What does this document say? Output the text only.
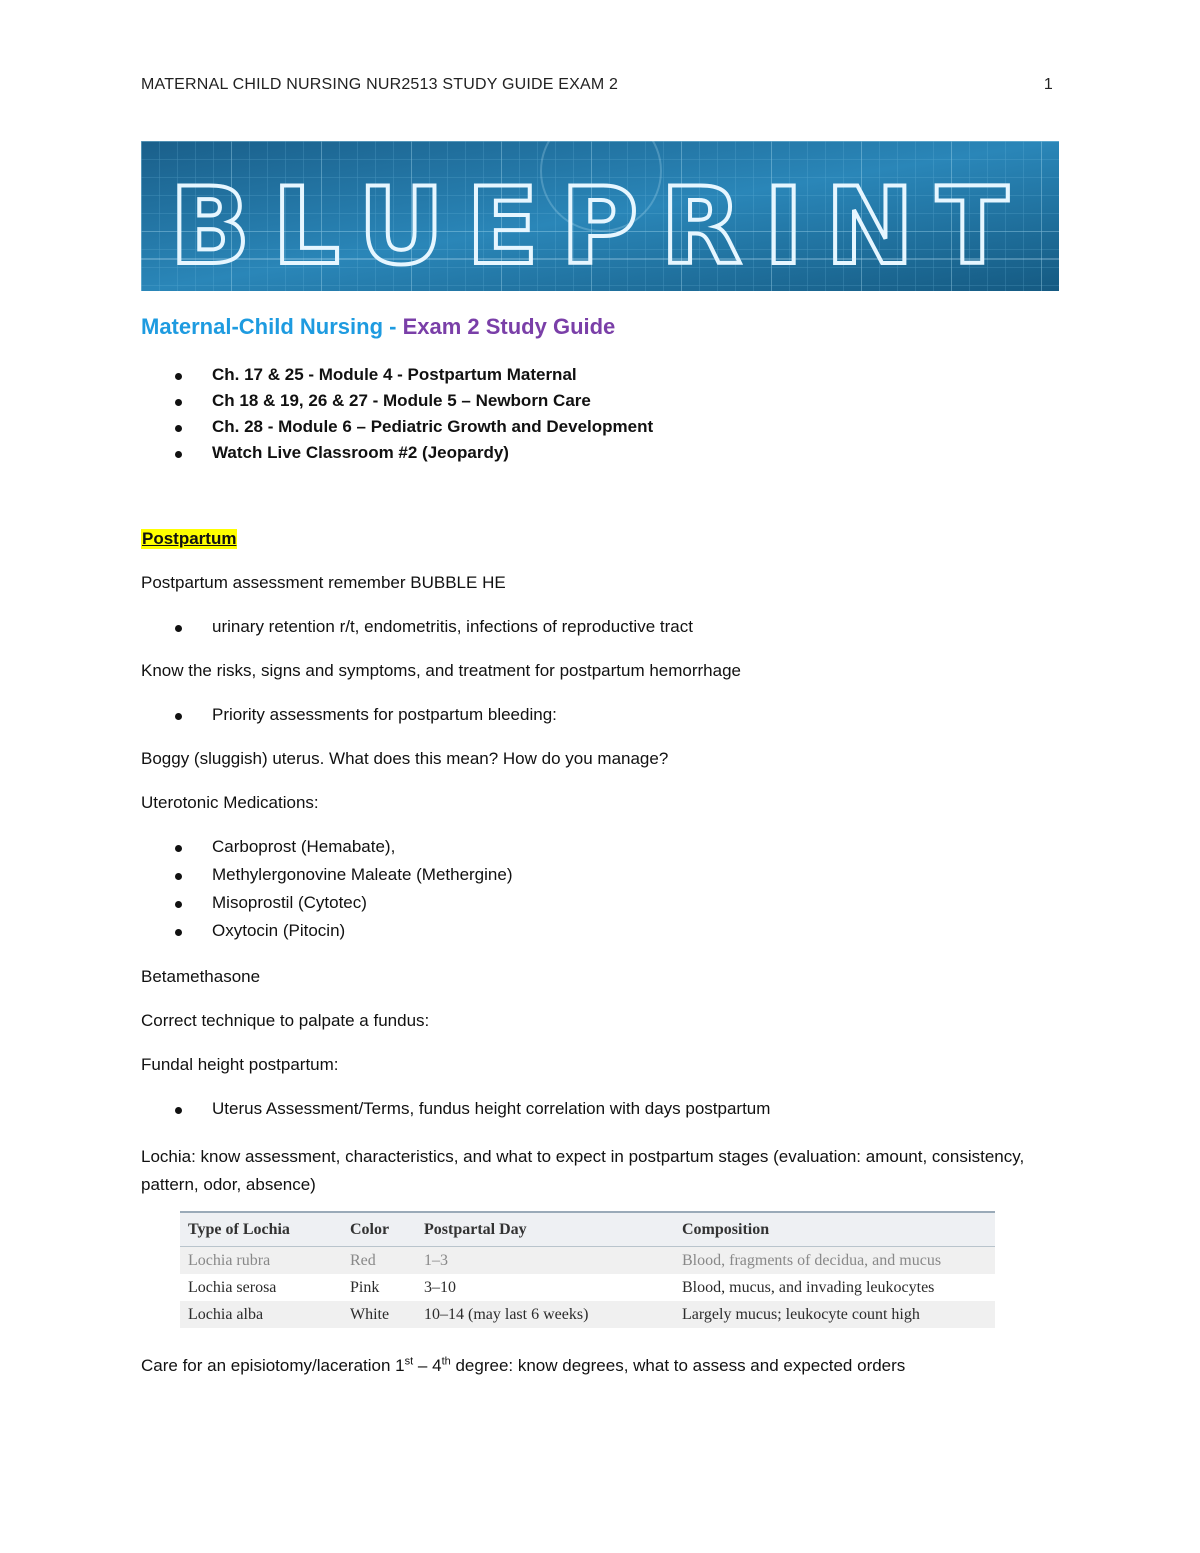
MATERNAL CHILD NURSING NUR2513 STUDY GUIDE EXAM 2	1
BLUEPRINT
Maternal-Child Nursing - Exam 2 Study Guide
Ch. 17 & 25 - Module 4 - Postpartum Maternal
Ch 18 & 19, 26 & 27 - Module 5 – Newborn Care
Ch. 28 - Module 6 – Pediatric Growth and Development
Watch Live Classroom #2 (Jeopardy)
Postpartum
Postpartum assessment remember BUBBLE HE
urinary retention r/t, endometritis, infections of reproductive tract
Know the risks, signs and symptoms, and treatment for postpartum hemorrhage
Priority assessments for postpartum bleeding:
Boggy (sluggish) uterus. What does this mean? How do you manage?
Uterotonic Medications:
Carboprost (Hemabate),
Methylergonovine Maleate (Methergine)
Misoprostil (Cytotec)
Oxytocin (Pitocin)
Betamethasone
Correct technique to palpate a fundus:
Fundal height postpartum:
Uterus Assessment/Terms, fundus height correlation with days postpartum
Lochia: know assessment, characteristics, and what to expect in postpartum stages (evaluation: amount, consistency, pattern, odor, absence)
Type of Lochia	Color	Postpartal Day	Composition
Lochia rubra	Red	1–3	Blood, fragments of decidua, and mucus
Lochia serosa	Pink	3–10	Blood, mucus, and invading leukocytes
Lochia alba	White	10–14 (may last 6 weeks)	Largely mucus; leukocyte count high
Care for an episiotomy/laceration 1st – 4th degree: know degrees, what to assess and expected orders
